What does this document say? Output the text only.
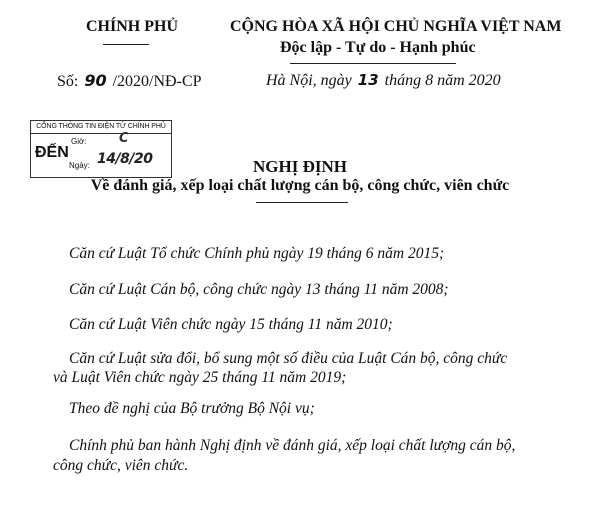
CHÍNH PHỦ	CỘNG HÒA XÃ HỘI CHỦ NGHĨA VIỆT NAM
Độc lập - Tự do - Hạnh phúc
Số: 90 /2020/NĐ-CP	Hà Nội, ngày 13 tháng 8 năm 2020
CỔNG THÔNG TIN ĐIỆN TỬ CHÍNH PHỦ
ĐẾN
Giờ:	C
Ngày: 14/8/20	NGHỊ ĐỊNH
Về đánh giá, xếp loại chất lượng cán bộ, công chức, viên chức
Căn cứ Luật Tổ chức Chính phủ ngày 19 tháng 6 năm 2015;
Căn cứ Luật Cán bộ, công chức ngày 13 tháng 11 năm 2008;
Căn cứ Luật Viên chức ngày 15 tháng 11 năm 2010;
Căn cứ Luật sửa đổi, bổ sung một số điều của Luật Cán bộ, công chức
và Luật Viên chức ngày 25 tháng 11 năm 2019;
Theo đề nghị của Bộ trưởng Bộ Nội vụ;
Chính phủ ban hành Nghị định về đánh giá, xếp loại chất lượng cán bộ,
công chức, viên chức.
